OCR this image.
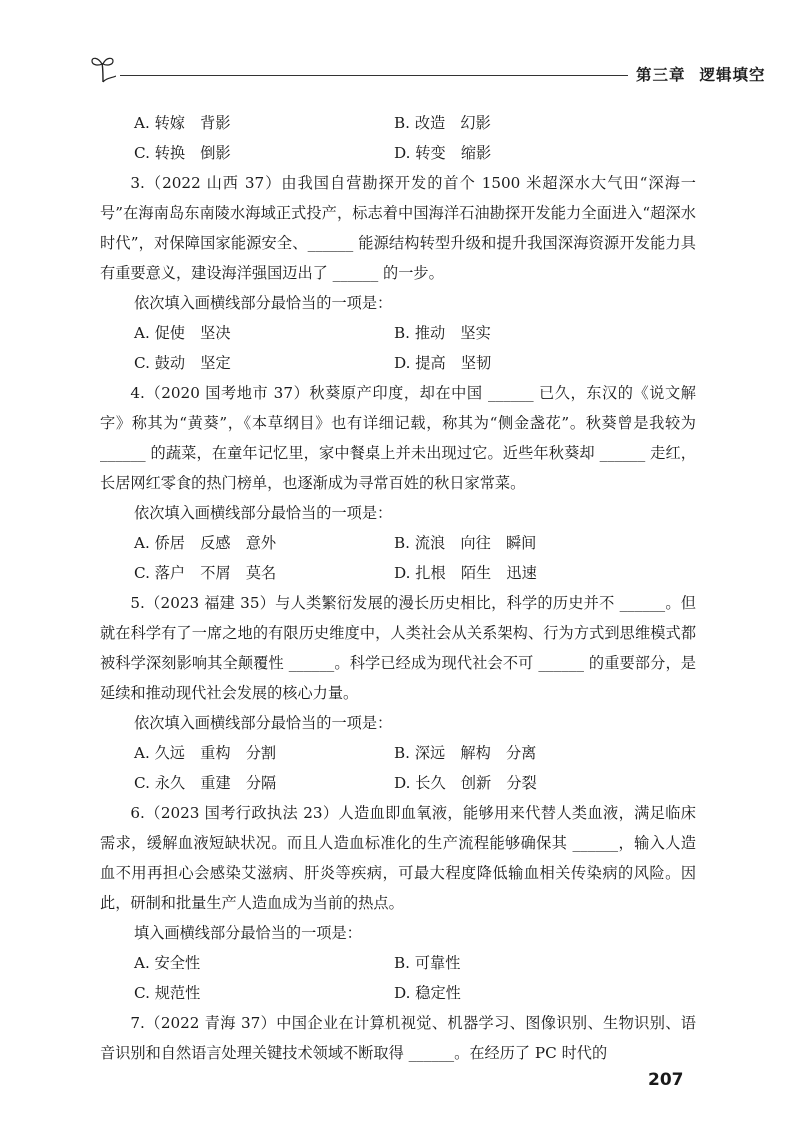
第三章 逻辑填空
A. 转嫁　背影	B. 改造　幻影
C. 转换　倒影	D. 转变　缩影
3.（2022 山西 37）由我国自营勘探开发的首个 1500 米超深水大气田“深海一号”在海南岛东南陵水海域正式投产，标志着中国海洋石油勘探开发能力全面进入“超深水时代”，对保障国家能源安全、______ 能源结构转型升级和提升我国深海资源开发能力具有重要意义，建设海洋强国迈出了 ______ 的一步。
依次填入画横线部分最恰当的一项是：
A. 促使　坚决	B. 推动　坚实
C. 鼓动　坚定	D. 提高　坚韧
4.（2020 国考地市 37）秋葵原产印度，却在中国 ______ 已久，东汉的《说文解字》称其为“黄葵”，《本草纲目》也有详细记载，称其为“侧金盏花”。秋葵曾是我较为 ______ 的蔬菜，在童年记忆里，家中餐桌上并未出现过它。近些年秋葵却 ______ 走红，长居网红零食的热门榜单，也逐渐成为寻常百姓的秋日家常菜。
依次填入画横线部分最恰当的一项是：
A. 侨居　反感　意外	B. 流浪　向往　瞬间
C. 落户　不屑　莫名	D. 扎根　陌生　迅速
5.（2023 福建 35）与人类繁衍发展的漫长历史相比，科学的历史并不 ______。但就在科学有了一席之地的有限历史维度中，人类社会从关系架构、行为方式到思维模式都被科学深刻影响其全颠覆性 ______。科学已经成为现代社会不可 ______ 的重要部分，是延续和推动现代社会发展的核心力量。
依次填入画横线部分最恰当的一项是：
A. 久远　重构　分割	B. 深远　解构　分离
C. 永久　重建　分隔	D. 长久　创新　分裂
6.（2023 国考行政执法 23）人造血即血氧液，能够用来代替人类血液，满足临床需求，缓解血液短缺状况。而且人造血标准化的生产流程能够确保其 ______，输入人造血不用再担心会感染艾滋病、肝炎等疾病，可最大程度降低输血相关传染病的风险。因此，研制和批量生产人造血成为当前的热点。
填入画横线部分最恰当的一项是：
A. 安全性	B. 可靠性
C. 规范性	D. 稳定性
7.（2022 青海 37）中国企业在计算机视觉、机器学习、图像识别、生物识别、语音识别和自然语言处理关键技术领域不断取得 ______。在经历了 PC 时代的
207
